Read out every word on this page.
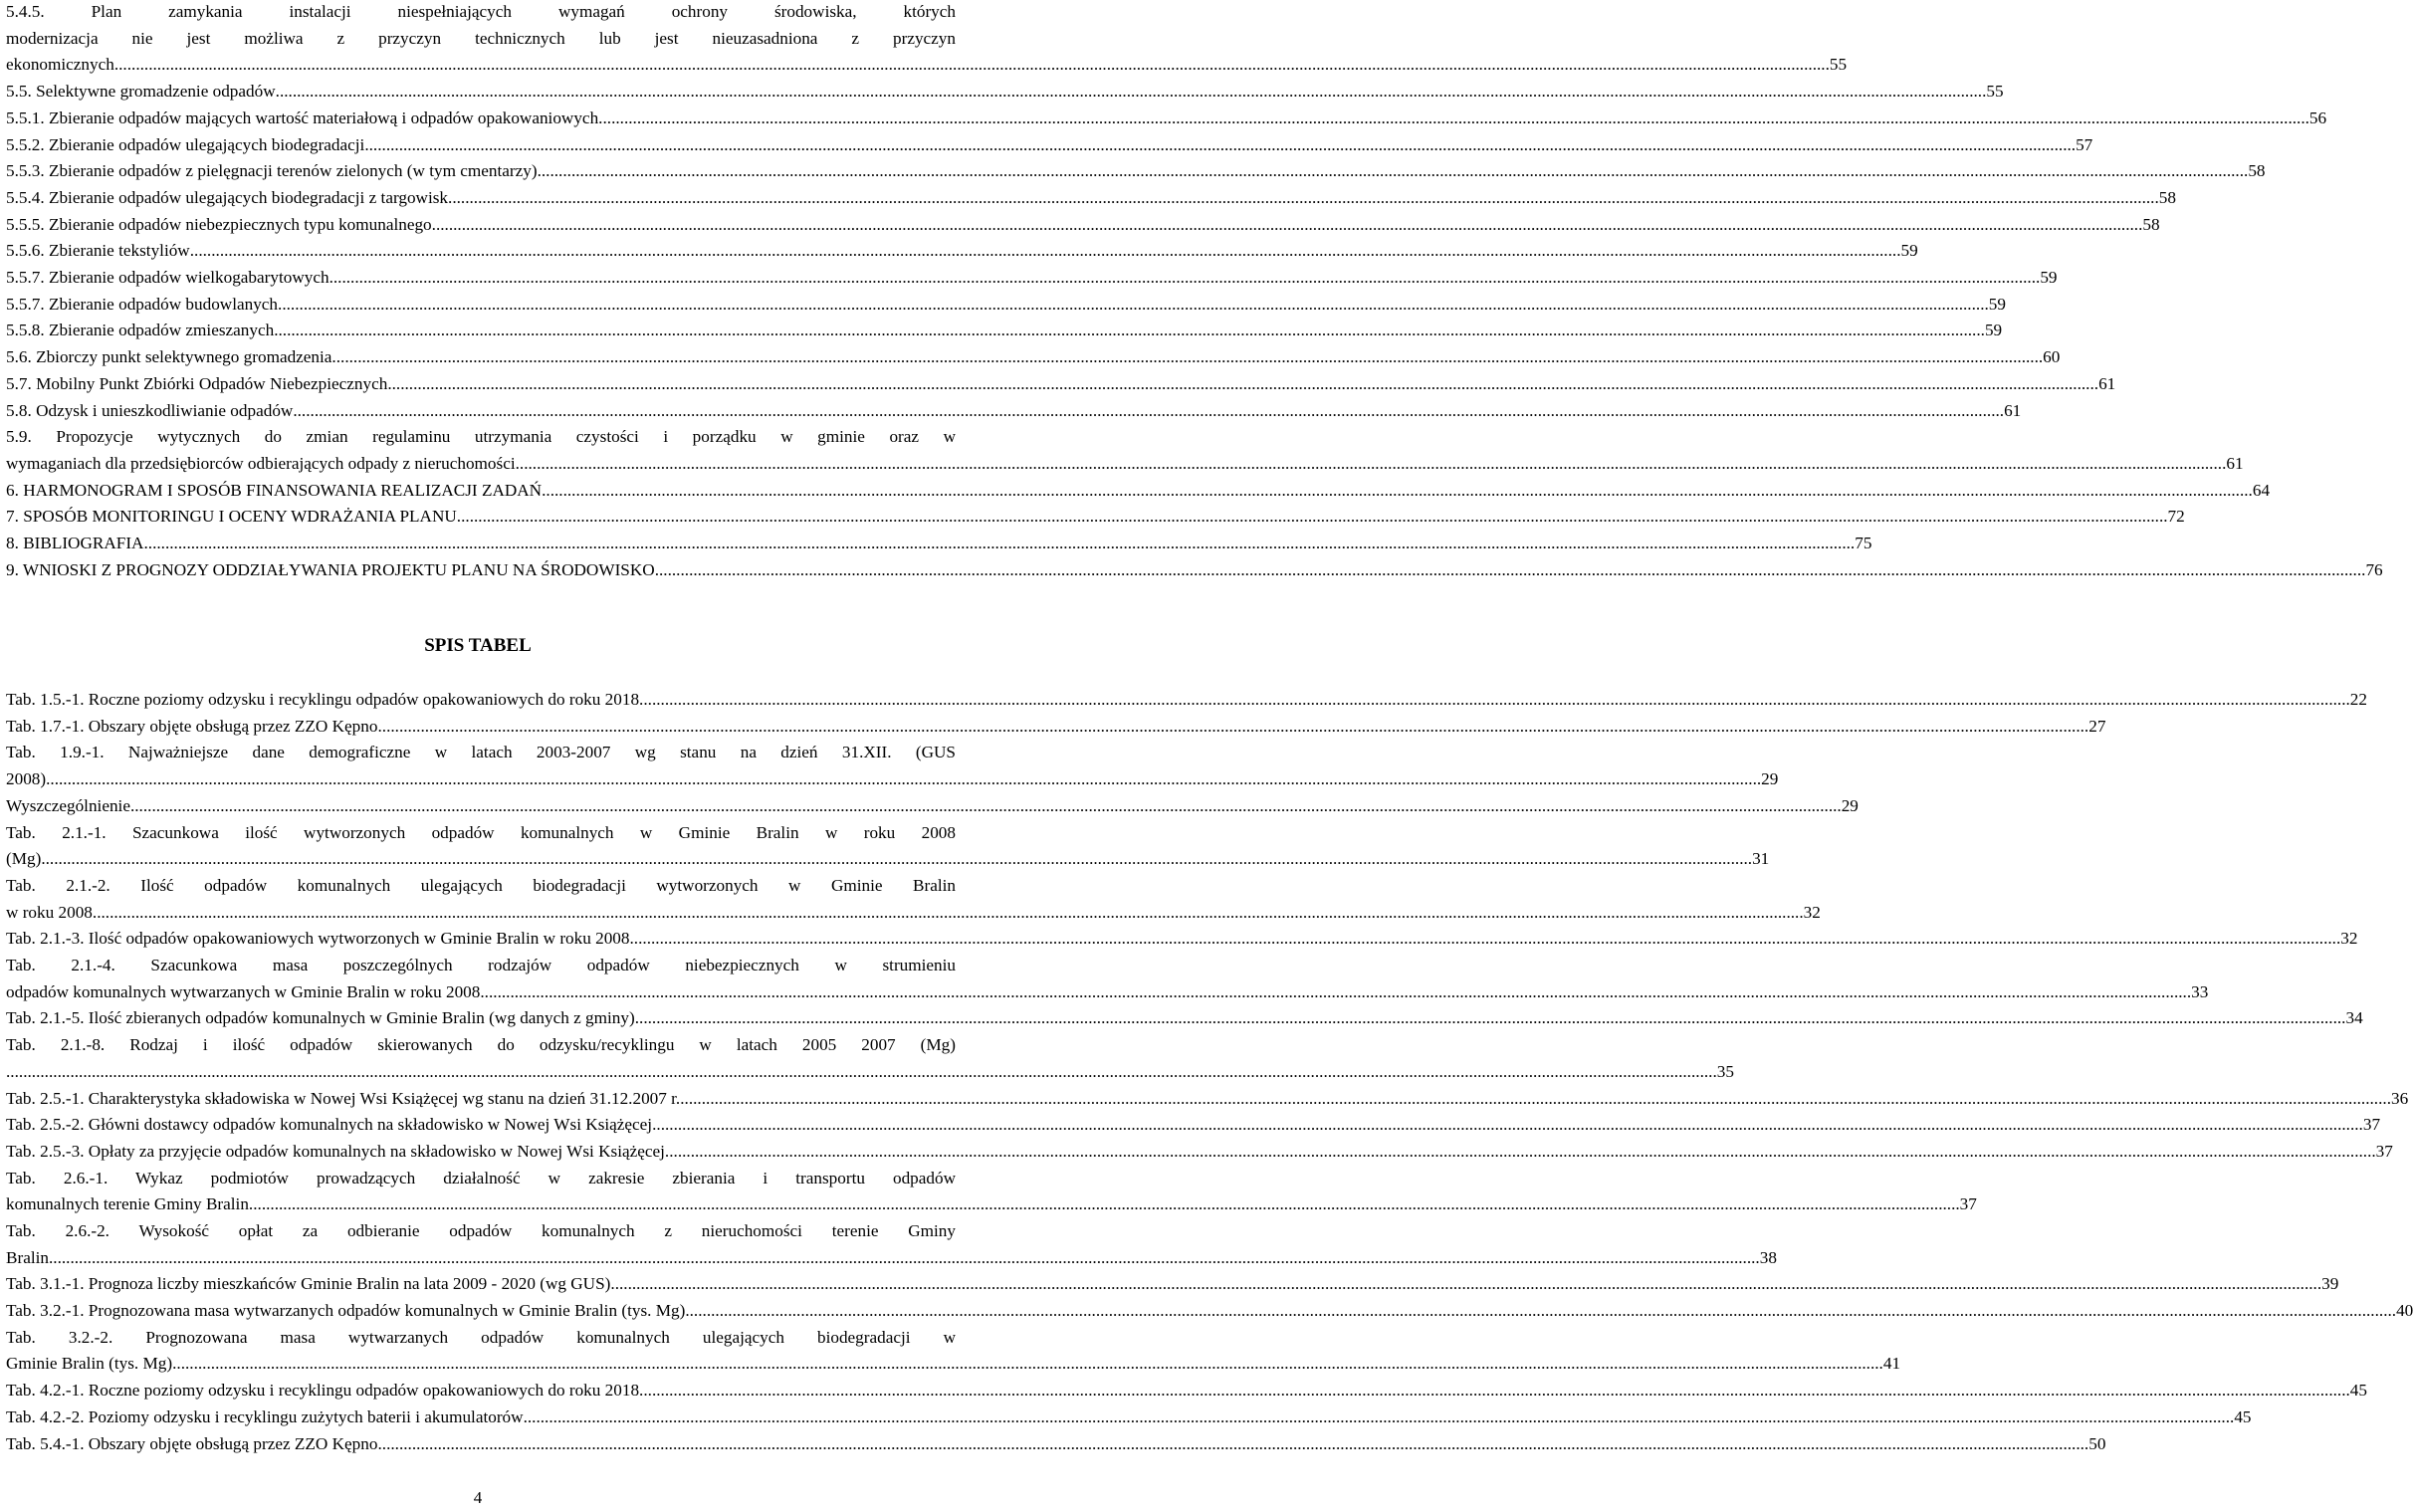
5.4.5. Plan zamykania instalacji niespełniających wymagań ochrony środowiska, których
modernizacja nie jest możliwa z przyczyn technicznych lub jest nieuzasadniona z przyczyn
ekonomicznych. ................................................................................................................................................................................................................................................................................................................................................................................................................ 55
5.5. Selektywne gromadzenie odpadów ................................................................................................................................................................................................................................................................................................................................................................................................................ 55
5.5.1. Zbieranie odpadów mających wartość materiałową i odpadów opakowaniowych ................................................................................................................................................................................................................................................................................................................................................................................................................ 56
5.5.2. Zbieranie odpadów ulegających biodegradacji ................................................................................................................................................................................................................................................................................................................................................................................................................ 57
5.5.3. Zbieranie odpadów z pielęgnacji terenów zielonych (w tym cmentarzy) ................................................................................................................................................................................................................................................................................................................................................................................................................ 58
5.5.4. Zbieranie odpadów ulegających biodegradacji z targowisk ................................................................................................................................................................................................................................................................................................................................................................................................................ 58
5.5.5. Zbieranie odpadów niebezpiecznych typu komunalnego ................................................................................................................................................................................................................................................................................................................................................................................................................ 58
5.5.6. Zbieranie tekstyliów ................................................................................................................................................................................................................................................................................................................................................................................................................ 59
5.5.7. Zbieranie odpadów wielkogabarytowych ................................................................................................................................................................................................................................................................................................................................................................................................................ 59
5.5.7. Zbieranie odpadów budowlanych ................................................................................................................................................................................................................................................................................................................................................................................................................ 59
5.5.8. Zbieranie odpadów zmieszanych ................................................................................................................................................................................................................................................................................................................................................................................................................ 59
5.6. Zbiorczy punkt selektywnego gromadzenia ................................................................................................................................................................................................................................................................................................................................................................................................................ 60
5.7. Mobilny Punkt Zbiórki Odpadów Niebezpiecznych ................................................................................................................................................................................................................................................................................................................................................................................................................ 61
5.8. Odzysk i unieszkodliwianie odpadów ................................................................................................................................................................................................................................................................................................................................................................................................................ 61
5.9. Propozycje wytycznych do zmian regulaminu utrzymania czystości i porządku w gminie oraz w
wymaganiach dla przedsiębiorców odbierających odpady z nieruchomości ................................................................................................................................................................................................................................................................................................................................................................................................................ 61
6. HARMONOGRAM I SPOSÓB FINANSOWANIA REALIZACJI ZADAŃ ................................................................................................................................................................................................................................................................................................................................................................................................................ 64
7. SPOSÓB MONITORINGU I OCENY WDRAŻANIA PLANU ................................................................................................................................................................................................................................................................................................................................................................................................................ 72
8. BIBLIOGRAFIA ................................................................................................................................................................................................................................................................................................................................................................................................................ 75
9. WNIOSKI Z PROGNOZY ODDZIAŁYWANIA PROJEKTU PLANU NA ŚRODOWISKO ................................................................................................................................................................................................................................................................................................................................................................................................................ 76
SPIS TABEL
Tab. 1.5.-1. Roczne poziomy odzysku i recyklingu odpadów opakowaniowych do roku 2018 ................................................................................................................................................................................................................................................................................................................................................................................................................ 22
Tab. 1.7.-1. Obszary objęte obsługą przez ZZO Kępno ................................................................................................................................................................................................................................................................................................................................................................................................................ 27
Tab. 1.9.-1. Najważniejsze dane demograficzne w latach 2003-2007 wg stanu na dzień 31.XII. (GUS
2008). ................................................................................................................................................................................................................................................................................................................................................................................................................ 29
Wyszczególnienie ................................................................................................................................................................................................................................................................................................................................................................................................................ 29
Tab. 2.1.-1. Szacunkowa ilość wytworzonych odpadów komunalnych w Gminie Bralin w roku 2008
(Mg) ................................................................................................................................................................................................................................................................................................................................................................................................................ 31
Tab. 2.1.-2. Ilość odpadów komunalnych ulegających biodegradacji wytworzonych w Gminie Bralin
w roku 2008 ................................................................................................................................................................................................................................................................................................................................................................................................................ 32
Tab. 2.1.-3. Ilość odpadów opakowaniowych wytworzonych w Gminie Bralin w roku 2008 ................................................................................................................................................................................................................................................................................................................................................................................................................ 32
Tab. 2.1.-4. Szacunkowa masa poszczególnych rodzajów odpadów niebezpiecznych w strumieniu
odpadów komunalnych wytwarzanych w Gminie Bralin w roku 2008 ................................................................................................................................................................................................................................................................................................................................................................................................................ 33
Tab. 2.1.-5. Ilość zbieranych odpadów komunalnych w Gminie Bralin (wg danych z gminy) ................................................................................................................................................................................................................................................................................................................................................................................................................ 34
Tab. 2.1.-8. Rodzaj i ilość odpadów skierowanych do odzysku/recyklingu w latach 2005 2007 (Mg)
................................................................................................................................................................................................................................................................................................................................................................................................................ 35
Tab. 2.5.-1. Charakterystyka składowiska w Nowej Wsi Książęcej wg stanu na dzień 31.12.2007 r. ................................................................................................................................................................................................................................................................................................................................................................................................................ 36
Tab. 2.5.-2. Główni dostawcy odpadów komunalnych na składowisko w Nowej Wsi Książęcej ................................................................................................................................................................................................................................................................................................................................................................................................................ 37
Tab. 2.5.-3. Opłaty za przyjęcie odpadów komunalnych na składowisko w Nowej Wsi Książęcej ................................................................................................................................................................................................................................................................................................................................................................................................................ 37
Tab. 2.6.-1. Wykaz podmiotów prowadzących działalność w zakresie zbierania i transportu odpadów
komunalnych terenie Gminy Bralin ................................................................................................................................................................................................................................................................................................................................................................................................................ 37
Tab. 2.6.-2. Wysokość opłat za odbieranie odpadów komunalnych z nieruchomości terenie Gminy
Bralin ................................................................................................................................................................................................................................................................................................................................................................................................................ 38
Tab. 3.1.-1. Prognoza liczby mieszkańców Gminie Bralin na lata 2009 - 2020 (wg GUS) ................................................................................................................................................................................................................................................................................................................................................................................................................ 39
Tab. 3.2.-1. Prognozowana masa wytwarzanych odpadów komunalnych w Gminie Bralin (tys. Mg) ................................................................................................................................................................................................................................................................................................................................................................................................................ 40
Tab. 3.2.-2. Prognozowana masa wytwarzanych odpadów komunalnych ulegających biodegradacji w
Gminie Bralin (tys. Mg) ................................................................................................................................................................................................................................................................................................................................................................................................................ 41
Tab. 4.2.-1. Roczne poziomy odzysku i recyklingu odpadów opakowaniowych do roku 2018 ................................................................................................................................................................................................................................................................................................................................................................................................................ 45
Tab. 4.2.-2. Poziomy odzysku i recyklingu zużytych baterii i akumulatorów ................................................................................................................................................................................................................................................................................................................................................................................................................ 45
Tab. 5.4.-1. Obszary objęte obsługą przez ZZO Kępno ................................................................................................................................................................................................................................................................................................................................................................................................................ 50
4
